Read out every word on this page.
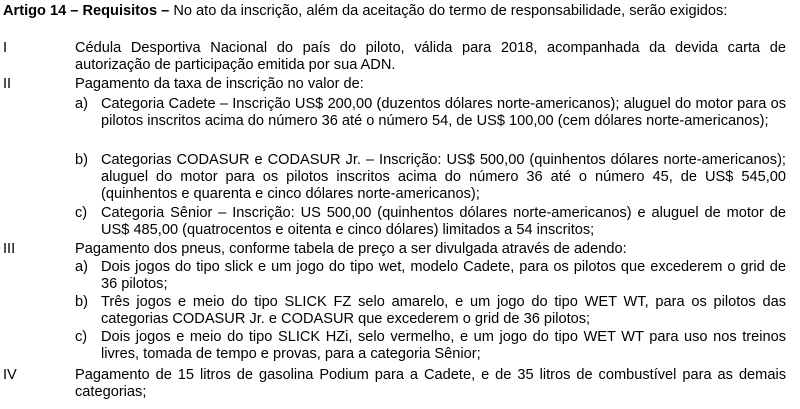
Artigo 14 – Requisitos – No ato da inscrição, além da aceitação do termo de responsabilidade, serão exigidos:
I	Cédula Desportiva Nacional do país do piloto, válida para 2018, acompanhada da devida carta de autorização de participação emitida por sua ADN.
II	Pagamento da taxa de inscrição no valor de:
a) Categoria Cadete – Inscrição US$ 200,00 (duzentos dólares norte-americanos); aluguel do motor para os pilotos inscritos acima do número 36 até o número 54, de US$ 100,00 (cem dólares norte-americanos);
b) Categorias CODASUR e CODASUR Jr. – Inscrição: US$ 500,00 (quinhentos dólares norte-americanos); aluguel do motor para os pilotos inscritos acima do número 36 até o número 45, de US$ 545,00 (quinhentos e quarenta e cinco dólares norte-americanos);
c) Categoria Sênior – Inscrição: US 500,00 (quinhentos dólares norte-americanos) e aluguel de motor de US$ 485,00 (quatrocentos e oitenta e cinco dólares) limitados a 54 inscritos;
III	Pagamento dos pneus, conforme tabela de preço a ser divulgada através de adendo:
a) Dois jogos do tipo slick e um jogo do tipo wet, modelo Cadete, para os pilotos que excederem o grid de 36 pilotos;
b) Três jogos e meio do tipo SLICK FZ selo amarelo, e um jogo do tipo WET WT, para os pilotos das categorias CODASUR Jr. e CODASUR que excederem o grid de 36 pilotos;
c) Dois jogos e meio do tipo SLICK HZi, selo vermelho, e um jogo do tipo WET WT para uso nos treinos livres, tomada de tempo e provas, para a categoria Sênior;
IV	Pagamento de 15 litros de gasolina Podium para a Cadete, e de 35 litros de combustível para as demais categorias;
